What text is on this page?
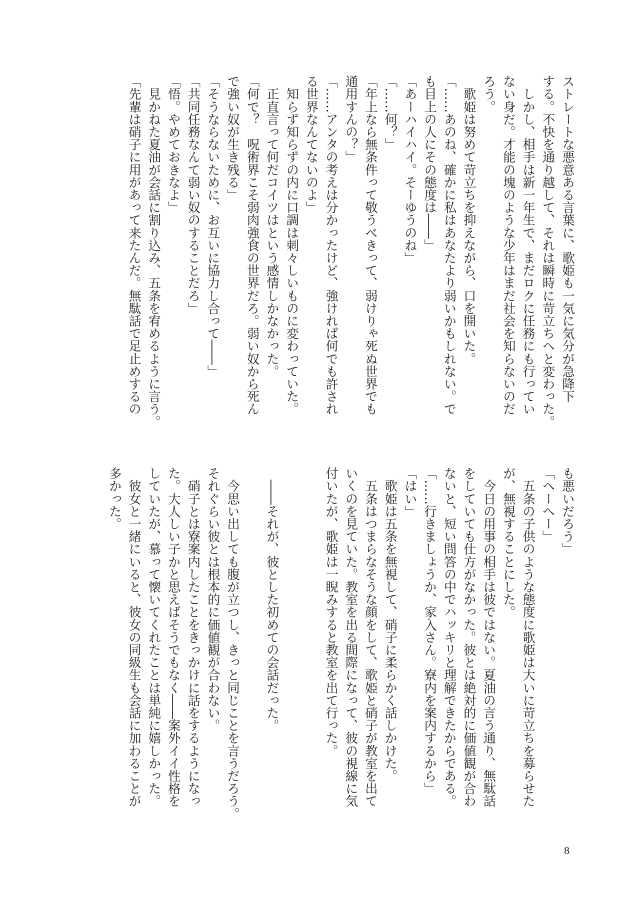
ストレートな悪意ある言葉に、歌姫も一気に気分が急降下
する。不快を通り越して、それは瞬時に苛立ちへと変わった。
　しかし、相手は新一年生で、まだロクに任務にも行ってい
ない身だ。才能の塊のような少年はまだ社会を知らないのだ
ろう。
　歌姫は努めて苛立ちを抑えながら、口を開いた。
「……あのね、確かに私はあなたより弱いかもしれない。で
も目上の人にその態度は――」
「あーハイハイ。そーゆうのね」
「……何？」
「年上なら無条件って敬うべきって、弱けりゃ死ぬ世界でも
通用すんの？」
「……アンタの考えは分かったけど、強ければ何でも許され
る世界なんてないのよ」
　知らず知らずの内に口調は刺々しいものに変わっていた。
　正直言って何だコイツはという感情しかなかった。
「何で？　呪術界こそ弱肉強食の世界だろ。弱い奴から死ん
で強い奴が生き残る」
「そうならないために、お互いに協力し合って――」
「共同任務なんて弱い奴のすることだろ」
「悟。やめておきなよ」
　見かねた夏油が会話に割り込み、五条を宥めるように言う。
「先輩は硝子に用があって来たんだ。無駄話で足止めするの
も悪いだろう」
「へーへー」
　五条の子供のような態度に歌姫は大いに苛立ちを募らせた
が、無視することにした。
　今日の用事の相手は彼ではない。夏油の言う通り、無駄話
をしていても仕方がなかった。彼とは絶対的に価値観が合わ
ないと、短い問答の中でハッキリと理解できたからである。
「……行きましょうか、家入さん。寮内を案内するから」
「はい」
　歌姫は五条を無視して、硝子に柔らかく話しかけた。
　五条はつまらなそうな顔をして、歌姫と硝子が教室を出て
いくのを見ていた。教室を出る間際になって、彼の視線に気
付いたが、歌姫は一睨みすると教室を出て行った。
　――それが、彼とした初めての会話だった。
　今思い出しても腹が立つし、きっと同じことを言うだろう。
それぐらい彼とは根本的に価値観が合わない。
　硝子とは寮案内したことをきっかけに話をするようになっ
た。大人しい子かと思えばそうでもなく――案外イイ性格を
していたが、慕って懐いてくれたことは単純に嬉しかった。
　彼女と一緒にいると、彼女の同級生も会話に加わることが
多かった。
8
